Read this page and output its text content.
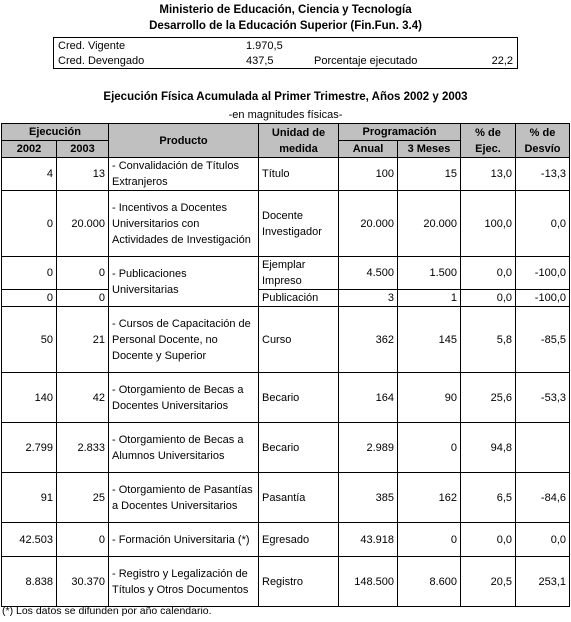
Ministerio de Educación, Ciencia y Tecnología
Desarrollo de la Educación Superior (Fin.Fun. 3.4)
Cred. Vigente	1.970,5		
Cred. Devengado	437,5	Porcentaje ejecutado	22,2
Ejecución Física Acumulada al Primer Trimestre, Años 2002 y 2003
-en magnitudes físicas-
Ejecución		Producto	Unidad de medida	Programación		% de Ejec.	% de Desvío
2002	2003			Anual	3 Meses		
4	13	- Convalidación de Títulos Extranjeros	Título	100	15	13,0	-13,3
0	20.000	- Incentivos a Docentes Universitarios con Actividades de Investigación	Docente Investigador	20.000	20.000	100,0	0,0
0	0	- Publicaciones Universitarias	Ejemplar Impreso	4.500	1.500	0,0	-100,0
0	0		Publicación	3	1	0,0	-100,0
50	21	- Cursos de Capacitación de Personal Docente, no Docente y Superior	Curso	362	145	5,8	-85,5
140	42	- Otorgamiento de Becas a Docentes Universitarios	Becario	164	90	25,6	-53,3
2.799	2.833	- Otorgamiento de Becas a Alumnos Universitarios	Becario	2.989	0	94,8	
91	25	- Otorgamiento de Pasantías a Docentes Universitarios	Pasantía	385	162	6,5	-84,6
42.503	0	- Formación Universitaria (*)	Egresado	43.918	0	0,0	0,0
8.838	30.370	- Registro y Legalización de Títulos y Otros Documentos	Registro	148.500	8.600	20,5	253,1
(*) Los datos se difunden por año calendario.
